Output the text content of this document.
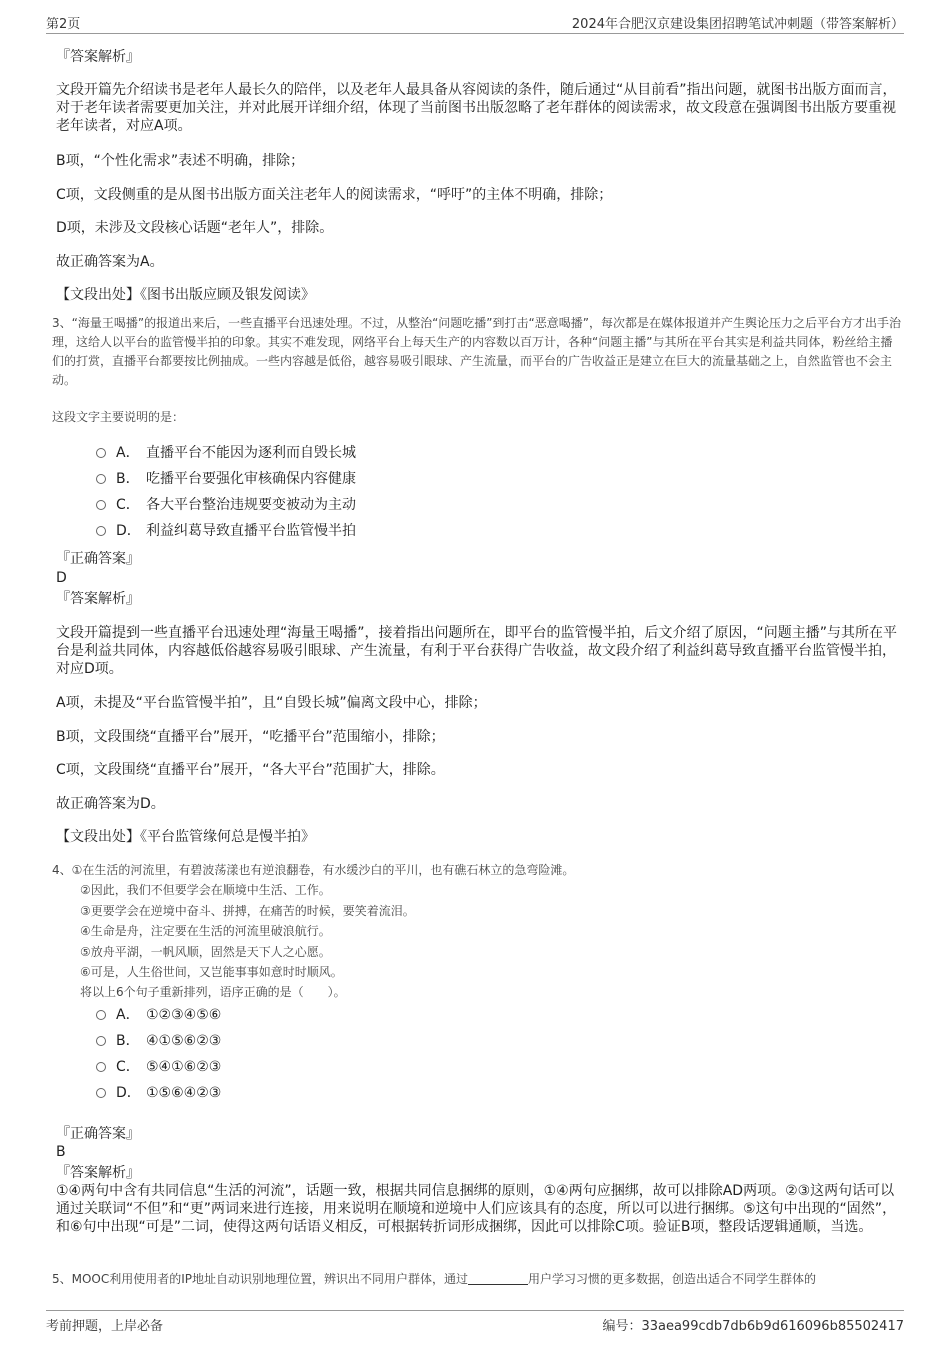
第2页	2024年合肥汉京建设集团招聘笔试冲刺题（带答案解析）
『答案解析』
文段开篇先介绍读书是老年人最长久的陪伴，以及老年人最具备从容阅读的条件，随后通过“从目前看”指出问题，就图书出版方面而言，对于老年读者需要更加关注，并对此展开详细介绍，体现了当前图书出版忽略了老年群体的阅读需求，故文段意在强调图书出版方要重视老年读者，对应A项。
B项，“个性化需求”表述不明确，排除；
C项，文段侧重的是从图书出版方面关注老年人的阅读需求，“呼吁”的主体不明确，排除；
D项，未涉及文段核心话题“老年人”，排除。
故正确答案为A。
【文段出处】《图书出版应顾及银发阅读》
3、“海量王喝播”的报道出来后，一些直播平台迅速处理。不过，从整治“问题吃播”到打击“恶意喝播”，每次都是在媒体报道并产生舆论压力之后平台方才出手治理，这给人以平台的监管慢半拍的印象。其实不难发现，网络平台上每天生产的内容数以百万计，各种“问题主播”与其所在平台其实是利益共同体，粉丝给主播们的打赏，直播平台都要按比例抽成。一些内容越是低俗，越容易吸引眼球、产生流量，而平台的广告收益正是建立在巨大的流量基础之上，自然监管也不会主动。
这段文字主要说明的是：
A． 直播平台不能因为逐利而自毁长城
B． 吃播平台要强化审核确保内容健康
C． 各大平台整治违规要变被动为主动
D． 利益纠葛导致直播平台监管慢半拍
『正确答案』
D
『答案解析』
文段开篇提到一些直播平台迅速处理“海量王喝播”，接着指出问题所在，即平台的监管慢半拍，后文介绍了原因，“问题主播”与其所在平台是利益共同体，内容越低俗越容易吸引眼球、产生流量，有利于平台获得广告收益，故文段介绍了利益纠葛导致直播平台监管慢半拍，对应D项。
A项，未提及“平台监管慢半拍”，且“自毁长城”偏离文段中心，排除；
B项，文段围绕“直播平台”展开，“吃播平台”范围缩小，排除；
C项，文段围绕“直播平台”展开，“各大平台”范围扩大，排除。
故正确答案为D。
【文段出处】《平台监管缘何总是慢半拍》
4、①在生活的河流里，有碧波荡漾也有逆浪翻卷，有水缓沙白的平川，也有礁石林立的急弯险滩。
②因此，我们不但要学会在顺境中生活、工作。
③更要学会在逆境中奋斗、拼搏，在痛苦的时候，要笑着流泪。
④生命是舟，注定要在生活的河流里破浪航行。
⑤放舟平湖，一帆风顺，固然是天下人之心愿。
⑥可是，人生俗世间，又岂能事事如意时时顺风。
将以上6个句子重新排列，语序正确的是（　　）。
A． ①②③④⑤⑥
B． ④①⑤⑥②③
C． ⑤④①⑥②③
D． ①⑤⑥④②③
『正确答案』
B
『答案解析』
①④两句中含有共同信息“生活的河流”，话题一致，根据共同信息捆绑的原则，①④两句应捆绑，故可以排除AD两项。②③这两句话可以通过关联词“不但”和“更”两词来进行连接，用来说明在顺境和逆境中人们应该具有的态度，所以可以进行捆绑。⑤这句中出现的“固然”，和⑥句中出现“可是”二词，使得这两句话语义相反，可根据转折词形成捆绑，因此可以排除C项。验证B项，整段话逻辑通顺，当选。
5、MOOC利用使用者的IP地址自动识别地理位置，辨识出不同用户群体，通过	用户学习习惯的更多数据，创造出适合不同学生群体的
考前押题，上岸必备	编号：33aea99cdb7db6b9d616096b85502417
